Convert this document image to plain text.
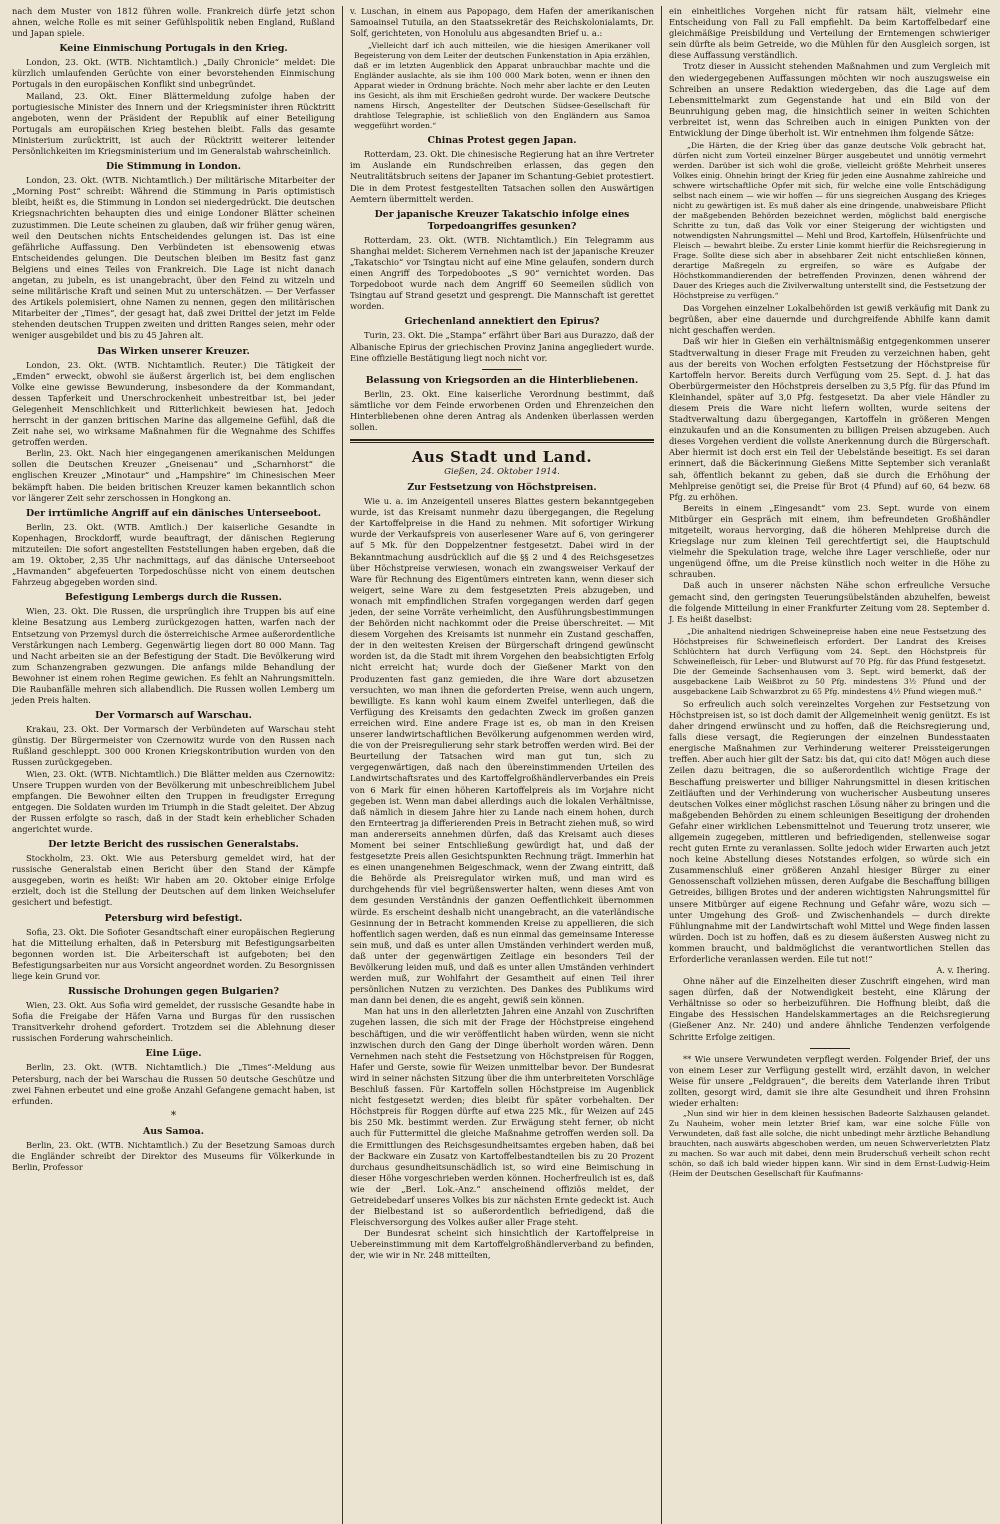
nach dem Muster von 1812 führen wolle. Frankreich dürfe jetzt schon ahnen, welche Rolle es mit seiner Gefühlspolitik neben England, Rußland und Japan spiele.

Keine Einmischung Portugals in den Krieg.

London, 23. Okt. (WTB. Nichtamtlich.) „Daily Chronicle“ meldet: Die kürzlich umlaufenden Gerüchte von einer bevorstehenden Einmischung Portugals in den europäischen Konflikt sind unbegründet.

Mailand, 23. Okt. Einer Blättermeldung zufolge haben der portugiesische Minister des Innern und der Kriegsminister ihren Rücktritt angeboten, wenn der Präsident der Republik auf einer Beteiligung Portugals am europäischen Krieg bestehen bleibt. Falls das gesamte Ministerium zurücktritt, ist auch der Rücktritt weiterer leitender Persönlichkeiten im Kriegsministerium und im Generalstab wahrscheinlich.

Die Stimmung in London.

London, 23. Okt. (WTB. Nichtamtlich.) Der militärische Mitarbeiter der „Morning Post“ schreibt: Während die Stimmung in Paris optimistisch bleibt, heißt es, die Stimmung in London sei niedergedrückt. Die deutschen Kriegsnachrichten behaupten dies und einige Londoner Blätter scheinen zuzustimmen. Die Leute scheinen zu glauben, daß wir früher genug wären, weil den Deutschen nichts Entscheidendes gelungen ist. Das ist eine gefährliche Auffassung. Den Verbündeten ist ebensowenig etwas Entscheidendes gelungen. Die Deutschen bleiben im Besitz fast ganz Belgiens und eines Teiles von Frankreich. Die Lage ist nicht danach angetan, zu jubeln, es ist unangebracht, über den Feind zu witzeln und seine militärische Kraft und seinen Mut zu unterschätzen. — Der Verfasser des Artikels polemisiert, ohne Namen zu nennen, gegen den militärischen Mitarbeiter der „Times“, der gesagt hat, daß zwei Drittel der jetzt im Felde stehenden deutschen Truppen zweiten und dritten Ranges seien, mehr oder weniger ausgebildet und bis zu 45 Jahren alt.

Das Wirken unserer Kreuzer.

London, 23. Okt. (WTB. Nichtamtlich. Reuter.) Die Tätigkeit der „Emden“ erweckt, obwohl sie äußerst ärgerlich ist, bei dem englischen Volke eine gewisse Bewunderung, insbesondere da der Kommandant, dessen Tapferkeit und Unerschrockenheit unbestreitbar ist, bei jeder Gelegenheit Menschlichkeit und Ritterlichkeit bewiesen hat. Jedoch herrscht in der ganzen britischen Marine das allgemeine Gefühl, daß die Zeit nahe sei, wo wirksame Maßnahmen für die Wegnahme des Schiffes getroffen werden.

Berlin, 23. Okt. Nach hier eingegangenen amerikanischen Meldungen sollen die Deutschen Kreuzer „Gneisenau“ und „Scharnhorst“ die englischen Kreuzer „Minotaur“ und „Hampshire“ im Chinesischen Meer bekämpft haben. Die beiden britischen Kreuzer kamen bekanntlich schon vor längerer Zeit sehr zerschossen in Hongkong an.

Der irrtümliche Angriff auf ein dänisches Unterseeboot.

Berlin, 23. Okt. (WTB. Amtlich.) Der kaiserliche Gesandte in Kopenhagen, Brockdorff, wurde beauftragt, der dänischen Regierung mitzuteilen: Die sofort angestellten Feststellungen haben ergeben, daß die am 19. Oktober, 2,35 Uhr nachmittags, auf das dänische Unterseeboot „Havmanden“ abgefeuerten Torpedoschüsse nicht von einem deutschen Fahrzeug abgegeben worden sind.

Befestigung Lembergs durch die Russen.

Wien, 23. Okt. Die Russen, die ursprünglich ihre Truppen bis auf eine kleine Besatzung aus Lemberg zurückgezogen hatten, warfen nach der Entsetzung von Przemysl durch die österreichische Armee außerordentliche Verstärkungen nach Lemberg. Gegenwärtig liegen dort 80 000 Mann. Tag und Nacht arbeiten sie an der Befestigung der Stadt. Die Bevölkerung wird zum Schanzengraben gezwungen. Die anfangs milde Behandlung der Bewohner ist einem rohen Regime gewichen. Es fehlt an Nahrungsmitteln. Die Raubanfälle mehren sich allabendlich. Die Russen wollen Lemberg um jeden Preis halten.

Der Vormarsch auf Warschau.

Krakau, 23. Okt. Der Vormarsch der Verbündeten auf Warschau steht günstig. Der Bürgermeister von Czernowitz wurde von den Russen nach Rußland geschleppt. 300 000 Kronen Kriegskontribution wurden von den Russen zurückgegeben.

Wien, 23. Okt. (WTB. Nichtamtlich.) Die Blätter melden aus Czernowitz: Unsere Truppen wurden von der Bevölkerung mit unbeschreiblichem Jubel empfangen. Die Bewohner eilten den Truppen in freudigster Erregung entgegen. Die Soldaten wurden im Triumph in die Stadt geleitet. Der Abzug der Russen erfolgte so rasch, daß in der Stadt kein erheblicher Schaden angerichtet wurde.

Der letzte Bericht des russischen Generalstabs.

Stockholm, 23. Okt. Wie aus Petersburg gemeldet wird, hat der russische Generalstab einen Bericht über den Stand der Kämpfe ausgegeben, worin es heißt: Wir haben am 20. Oktober einige Erfolge erzielt, doch ist die Stellung der Deutschen auf dem linken Weichselufer gesichert und befestigt.

Petersburg wird befestigt.

Sofia, 23. Okt. Die Sofioter Gesandtschaft einer europäischen Regierung hat die Mitteilung erhalten, daß in Petersburg mit Befestigungsarbeiten begonnen worden ist. Die Arbeiterschaft ist aufgeboten; bei den Befestigungsarbeiten nur aus Vorsicht angeordnet worden. Zu Besorgnissen liege kein Grund vor.

Russische Drohungen gegen Bulgarien?

Wien, 23. Okt. Aus Sofia wird gemeldet, der russische Gesandte habe in Sofia die Freigabe der Häfen Varna und Burgas für den russischen Transitverkehr drohend gefordert. Trotzdem sei die Ablehnung dieser russischen Forderung wahrscheinlich.

Eine Lüge.

Berlin, 23. Okt. (WTB. Nichtamtlich.) Die „Times“-Meldung aus Petersburg, nach der bei Warschau die Russen 50 deutsche Geschütze und zwei Fahnen erbeutet und eine große Anzahl Gefangene gemacht haben, ist erfunden.

*
Aus Samoa.

Berlin, 23. Okt. (WTB. Nichtamtlich.) Zu der Besetzung Samoas durch die Engländer schreibt der Direktor des Museums für Völkerkunde in Berlin, Professor

v. Luschan, in einem aus Papopago, dem Hafen der amerikanischen Samoainsel Tutuila, an den Staatssekretär des Reichskolonialamts, Dr. Solf, gerichteten, von Honolulu aus abgesandten Brief u. a.:

„Vielleicht darf ich auch mitteilen, wie die hiesigen Amerikaner voll Begeisterung von dem Leiter der deutschen Funkenstation in Apia erzählen, daß er im letzten Augenblick den Apparat unbrauchbar machte und die Engländer auslachte, als sie ihm 100 000 Mark boten, wenn er ihnen den Apparat wieder in Ordnung brächte. Noch mehr aber lachte er den Leuten ins Gesicht, als ihm mit Erschießen gedroht wurde. Der wackere Deutsche namens Hirsch, Angestellter der Deutschen Südsee-Gesellschaft für drahtlose Telegraphie, ist schließlich von den Engländern aus Samoa weggeführt worden.“

Chinas Protest gegen Japan.

Rotterdam, 23. Okt. Die chinesische Regierung hat an ihre Vertreter im Auslande ein Rundschreiben erlassen, das gegen den Neutralitätsbruch seitens der Japaner im Schantung-Gebiet protestiert. Die in dem Protest festgestellten Tatsachen sollen den Auswärtigen Aemtern übermittelt werden.

Der japanische Kreuzer Takatschio infolge eines Torpedoangriffes gesunken?

Rotterdam, 23. Okt. (WTB. Nichtamtlich.) Ein Telegramm aus Shanghai meldet: Sicherem Vernehmen nach ist der japanische Kreuzer „Takatschio“ vor Tsingtau nicht auf eine Mine gelaufen, sondern durch einen Angriff des Torpedobootes „S 90“ vernichtet worden. Das Torpedoboot wurde nach dem Angriff 60 Seemeilen südlich von Tsingtau auf Strand gesetzt und gesprengt. Die Mannschaft ist gerettet worden.

Griechenland annektiert den Epirus?

Turin, 23. Okt. Die „Stampa“ erfährt über Bari aus Durazzo, daß der Albanische Epirus der griechischen Provinz Janina angegliedert wurde. Eine offizielle Bestätigung liegt noch nicht vor.

Belassung von Kriegsorden an die Hinterbliebenen.

Berlin, 23. Okt. Eine kaiserliche Verordnung bestimmt, daß sämtliche vor dem Feinde erworbenen Orden und Ehrenzeichen den Hinterbliebenen ohne deren Antrag als Andenken überlassen werden sollen.

Aus Stadt und Land.
Gießen, 24. Oktober 1914.
Zur Festsetzung von Höchstpreisen.

Wie u. a. im Anzeigenteil unseres Blattes gestern bekanntgegeben wurde, ist das Kreisamt nunmehr dazu übergegangen, die Regelung der Kartoffelpreise in die Hand zu nehmen. Mit sofortiger Wirkung wurde der Verkaufspreis von auserlesener Ware auf 6, von geringerer auf 5 Mk. für den Doppelzentner festgesetzt. Dabei wird in der Bekanntmachung ausdrücklich auf die §§ 2 und 4 des Reichsgesetzes über Höchstpreise verwiesen, wonach ein zwangsweiser Verkauf der Ware für Rechnung des Eigentümers eintreten kann, wenn dieser sich weigert, seine Ware zu dem festgesetzten Preis abzugeben, und wonach mit empfindlichen Strafen vorgegangen werden darf gegen jeden, der seine Vorräte verheimlicht, den Ausführungsbestimmungen der Behörden nicht nachkommt oder die Preise überschreitet. — Mit diesem Vorgehen des Kreisamts ist nunmehr ein Zustand geschaffen, der in den weitesten Kreisen der Bürgerschaft dringend gewünscht worden ist, da die Stadt mit ihrem Vorgehen den beabsichtigten Erfolg nicht erreicht hat; wurde doch der Gießener Markt von den Produzenten fast ganz gemieden, die ihre Ware dort abzusetzen versuchten, wo man ihnen die geforderten Preise, wenn auch ungern, bewilligte. Es kann wohl kaum einem Zweifel unterliegen, daß die Verfügung des Kreisamts den gedachten Zweck im großen ganzen erreichen wird. Eine andere Frage ist es, ob man in den Kreisen unserer landwirtschaftlichen Bevölkerung aufgenommen werden wird, die von der Preisregulierung sehr stark betroffen werden wird. Bei der Beurteilung der Tatsachen wird man gut tun, sich zu vergegenwärtigen, daß nach den übereinstimmenden Urteilen des Landwirtschaftsrates und des Kartoffelgroßhändlerverbandes ein Preis von 6 Mark für einen höheren Kartoffelpreis als im Vorjahre nicht gegeben ist. Wenn man dabei allerdings auch die lokalen Verhältnisse, daß nämlich in diesem Jahre hier zu Lande nach einem hohen, durch den Ernteertrag ja differierenden Preis in Betracht ziehen muß, so wird man andererseits annehmen dürfen, daß das Kreisamt auch dieses Moment bei seiner Entschließung gewürdigt hat, und daß der festgesetzte Preis allen Gesichtspunkten Rechnung trägt. Immerhin hat es einen unangenehmen Beigeschmack, wenn der Zwang eintritt, daß die Behörde als Preisregulator wirken muß, und man wird es durchgehends für viel begrüßenswerter halten, wenn dieses Amt von dem gesunden Verständnis der ganzen Oeffentlichkeit übernommen würde. Es erscheint deshalb nicht unangebracht, an die vaterländische Gesinnung der in Betracht kommenden Kreise zu appellieren, die sich hoffentlich sagen werden, daß es nun einmal das gemeinsame Interesse sein muß, und daß es unter allen Umständen verhindert werden muß, daß unter der gegenwärtigen Zeitlage ein besonders Teil der Bevölkerung leiden muß, und daß es unter allen Umständen verhindert werden muß, zur Wohlfahrt der Gesamtheit auf einen Teil ihrer persönlichen Nutzen zu verzichten. Des Dankes des Publikums wird man dann bei denen, die es angeht, gewiß sein können.

Man hat uns in den allerletzten Jahren eine Anzahl von Zuschriften zugehen lassen, die sich mit der Frage der Höchstpreise eingehend beschäftigen, und die wir veröffentlicht haben würden, wenn sie nicht inzwischen durch den Gang der Dinge überholt worden wären. Denn Vernehmen nach steht die Festsetzung von Höchstpreisen für Roggen, Hafer und Gerste, sowie für Weizen unmittelbar bevor. Der Bundesrat wird in seiner nächsten Sitzung über die ihm unterbreiteten Vorschläge Beschluß fassen. Für Kartoffeln sollen Höchstpreise im Augenblick nicht festgesetzt werden; dies bleibt für später vorbehalten. Der Höchstpreis für Roggen dürfte auf etwa 225 Mk., für Weizen auf 245 bis 250 Mk. bestimmt werden. Zur Erwägung steht ferner, ob nicht auch für Futtermittel die gleiche Maßnahme getroffen werden soll. Da die Ermittlungen des Reichsgesundheitsamtes ergeben haben, daß bei der Backware ein Zusatz von Kartoffelbestandteilen bis zu 20 Prozent durchaus gesundheitsunschädlich ist, so wird eine Beimischung in dieser Höhe vorgeschrieben werden können. Hocherfreulich ist es, daß wie der „Berl. Lok.-Anz.“ anscheinend offiziös meldet, der Getreidebedarf unseres Volkes bis zur nächsten Ernte gedeckt ist. Auch der Bielbestand ist so außerordentlich befriedigend, daß die Fleischversorgung des Volkes außer aller Frage steht.

Der Bundesrat scheint sich hinsichtlich der Kartoffelpreise in Uebereinstimmung mit dem Kartoffelgroßhändlerverband zu befinden, der, wie wir in Nr. 248 mitteilten,

ein einheitliches Vorgehen nicht für ratsam hält, vielmehr eine Entscheidung von Fall zu Fall empfiehlt. Da beim Kartoffelbedarf eine gleichmäßige Preisbildung und Verteilung der Erntemengen schwieriger sein dürfte als beim Getreide, wo die Mühlen für den Ausgleich sorgen, ist diese Auffassung verständlich.

Trotz dieser in Aussicht stehenden Maßnahmen und zum Vergleich mit den wiedergegebenen Auffassungen möchten wir noch auszugsweise ein Schreiben an unsere Redaktion wiedergeben, das die Lage auf dem Lebensmittelmarkt zum Gegenstande hat und ein Bild von der Beunruhigung geben mag, die hinsichtlich seiner in weiten Schichten verbreitet ist, wenn das Schreiben auch in einigen Punkten von der Entwicklung der Dinge überholt ist. Wir entnehmen ihm folgende Sätze:

„Die Härten, die der Krieg über das ganze deutsche Volk gebracht hat, dürfen nicht zum Vorteil einzelner Bürger ausgebeutet und unnötig vermehrt werden. Darüber ist sich wohl die große, vielleicht größte Mehrheit unseres Volkes einig. Ohnehin bringt der Krieg für jeden eine Ausnahme zahlreiche und schwere wirtschaftliche Opfer mit sich, für welche eine volle Entschädigung selbst nach einem — wie wir hoffen — für uns siegreichen Ausgang des Krieges nicht zu gewärtigen ist. Es muß daher als eine dringende, unabweisbare Pflicht der maßgebenden Behörden bezeichnet werden, möglichst bald energische Schritte zu tun, daß das Volk vor einer Steigerung der wichtigsten und notwendigsten Nahrungsmittel — Mehl und Brod, Kartoffeln, Hülsenfrüchte und Fleisch — bewahrt bleibe. Zu erster Linie kommt hierfür die Reichsregierung in Frage. Sollte diese sich aber in absehbarer Zeit nicht entschließen können, derartige Maßregeln zu ergreifen, so wäre es Aufgabe der Höchstkommandierenden der betreffenden Provinzen, denen während der Dauer des Krieges auch die Zivilverwaltung unterstellt sind, die Festsetzung der Höchstpreise zu verfügen.“

Das Vorgehen einzelner Lokalbehörden ist gewiß verkäufig mit Dank zu begrüßen, aber eine dauernde und durchgreifende Abhilfe kann damit nicht geschaffen werden.

Daß wir hier in Gießen ein verhältnismäßig entgegenkommen unserer Stadtverwaltung in dieser Frage mit Freuden zu verzeichnen haben, geht aus der bereits von Wochen erfolgten Festsetzung der Höchstpreise für Kartoffeln hervor. Bereits durch Verfügung vom 25. Sept. d. J. hat das Oberbürgermeister den Höchstpreis derselben zu 3,5 Pfg. für das Pfund im Kleinhandel, später auf 3,0 Pfg. festgesetzt. Da aber viele Händler zu diesem Preis die Ware nicht liefern wollten, wurde seitens der Stadtverwaltung dazu übergegangen, Kartoffeln in größeren Mengen einzukaufen und an die Konsumenten zu billigen Preisen abzugeben. Auch dieses Vorgehen verdient die vollste Anerkennung durch die Bürgerschaft. Aber hiermit ist doch erst ein Teil der Uebelstände beseitigt. Es sei daran erinnert, daß die Bäckerinnung Gießens Mitte September sich veranlaßt sah, öffentlich bekannt zu geben, daß sie durch die Erhöhung der Mehlpreise genötigt sei, die Preise für Brot (4 Pfund) auf 60, 64 bezw. 68 Pfg. zu erhöhen.

Bereits in einem „Eingesandt“ vom 23. Sept. wurde von einem Mitbürger ein Gespräch mit einem, ihm befreundeten Großhändler mitgeteilt, woraus hervorging, daß die höheren Mehlpreise durch die Kriegslage nur zum kleinen Teil gerechtfertigt sei, die Hauptschuld vielmehr die Spekulation trage, welche ihre Lager verschließe, oder nur ungenügend öffne, um die Preise künstlich noch weiter in die Höhe zu schrauben.

Daß auch in unserer nächsten Nähe schon erfreuliche Versuche gemacht sind, den geringsten Teuerungsübelständen abzuhelfen, beweist die folgende Mitteilung in einer Frankfurter Zeitung vom 28. September d. J. Es heißt daselbst:

„Die anhaltend niedrigen Schweinepreise haben eine neue Festsetzung des Höchstpreises für Schweinefleisch erfordert. Der Landrat des Kreises Schlüchtern hat durch Verfügung vom 24. Sept. den Höchstpreis für Schweinefleisch, für Leber- und Blutwurst auf 70 Pfg. für das Pfund festgesetzt. Die der Gemeinde Sachsenhausen vom 3. Sept. wird bemerkt, daß der ausgebackene Laib Weißbrot zu 50 Pfg. mindestens 3½ Pfund und der ausgebackene Laib Schwarzbrot zu 65 Pfg. mindestens 4½ Pfund wiegen muß.“

So erfreulich auch solch vereinzeltes Vorgehen zur Festsetzung von Höchstpreisen ist, so ist doch damit der Allgemeinheit wenig genützt. Es ist daher dringend erwünscht und zu hoffen, daß die Reichsregierung und, falls diese versagt, die Regierungen der einzelnen Bundesstaaten energische Maßnahmen zur Verhinderung weiterer Preissteigerungen treffen. Aber auch hier gilt der Satz: bis dat, qui cito dat! Mögen auch diese Zeilen dazu beitragen, die so außerordentlich wichtige Frage der Beschaffung preiswerter und billiger Nahrungsmittel in diesen kritischen Zeitläuften und der Verhinderung von wucherischer Ausbeutung unseres deutschen Volkes einer möglichst raschen Lösung näher zu bringen und die maßgebenden Behörden zu einem schleunigen Beseitigung der drohenden Gefahr einer wirklichen Lebensmittelnot und Teuerung trotz unserer, wie allgemein zugegeben, mittleren und befriedigenden, stellenweise sogar recht guten Ernte zu veranlassen. Sollte jedoch wider Erwarten auch jetzt noch keine Abstellung dieses Notstandes erfolgen, so würde sich ein Zusammenschluß einer größeren Anzahl hiesiger Bürger zu einer Genossenschaft vollziehen müssen, deren Aufgabe die Beschaffung billigen Getreides, billigen Brotes und der anderen wichtigsten Nahrungsmittel für unsere Mitbürger auf eigene Rechnung und Gefahr wäre, wozu sich — unter Umgehung des Groß- und Zwischenhandels — durch direkte Fühlungnahme mit der Landwirtschaft wohl Mittel und Wege finden lassen würden. Doch ist zu hoffen, daß es zu diesem äußersten Ausweg nicht zu kommen braucht, und baldmöglichst die verantwortlichen Stellen das Erforderliche veranlassen werden. Eile tut not!“

A. v. Ihering.

Ohne näher auf die Einzelheiten dieser Zuschrift eingehen, wird man sagen dürfen, daß der Notwendigkeit besteht, eine Klärung der Verhältnisse so oder so herbeizuführen. Die Hoffnung bleibt, daß die Eingabe des Hessischen Handelskammertages an die Reichsregierung (Gießener Anz. Nr. 240) und andere ähnliche Tendenzen verfolgende Schritte Erfolge zeitigen.

** Wie unsere Verwundeten verpflegt werden. Folgender Brief, der uns von einem Leser zur Verfügung gestellt wird, erzählt davon, in welcher Weise für unsere „Feldgrauen“, die bereits dem Vaterlande ihren Tribut zollten, gesorgt wird, damit sie ihre alte Gesundheit und ihren Frohsinn wieder erhalten:

„Nun sind wir hier in dem kleinen hessischen Badeorte Salzhausen gelandet. Zu Nauheim, woher mein letzter Brief kam, war eine solche Fülle von Verwundeten, daß fast alle solche, die nicht unbedingt mehr ärztliche Behandlung brauchten, nach auswärts abgeschoben werden, um neuen Schwerverletzten Platz zu machen. So war auch mit dabei, denn mein Bruderschuß verheilt schon recht schön, so daß ich bald wieder hippen kann. Wir sind in dem Ernst-Ludwig-Heim (Heim der Deutschen Gesellschaft für Kaufmanns-
